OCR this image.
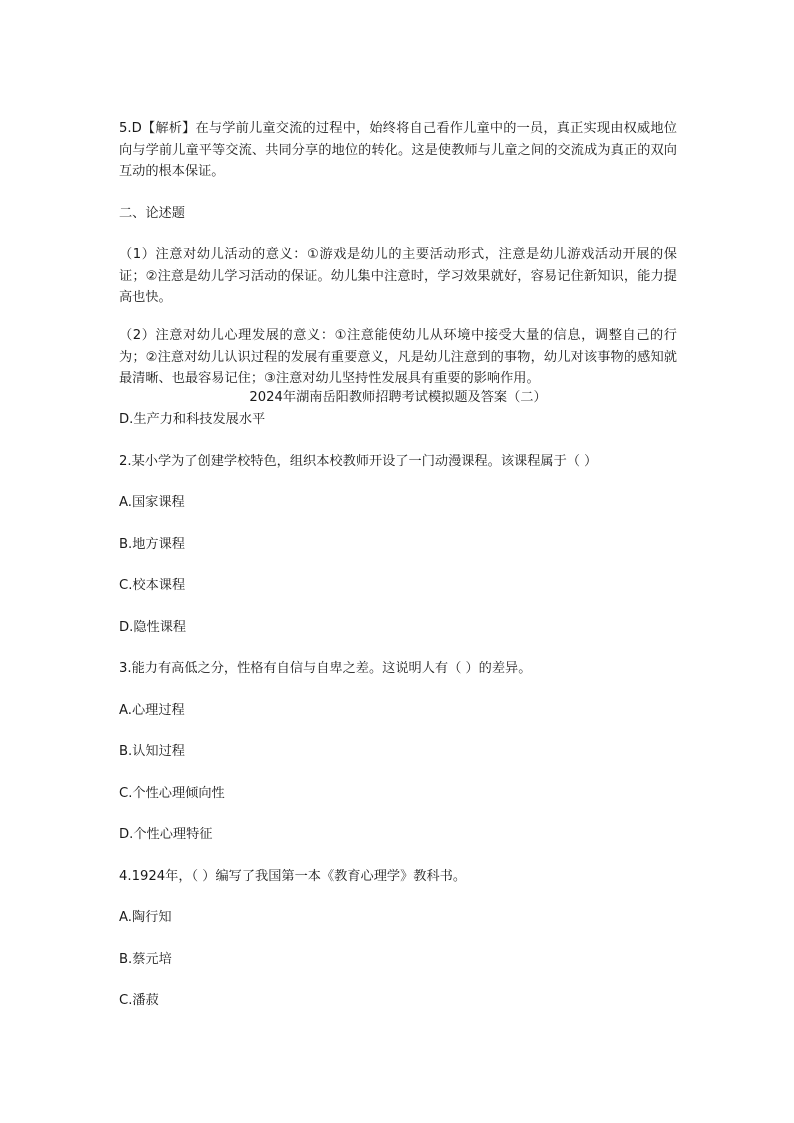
5.D【解析】在与学前儿童交流的过程中，始终将自己看作儿童中的一员，真正实现由权威地位向与学前儿童平等交流、共同分享的地位的转化。这是使教师与儿童之间的交流成为真正的双向互动的根本保证。
二、论述题
（1）注意对幼儿活动的意义：①游戏是幼儿的主要活动形式，注意是幼儿游戏活动开展的保证；②注意是幼儿学习活动的保证。幼儿集中注意时，学习效果就好，容易记住新知识，能力提高也快。
（2）注意对幼儿心理发展的意义：①注意能使幼儿从环境中接受大量的信息，调整自己的行为；②注意对幼儿认识过程的发展有重要意义，凡是幼儿注意到的事物，幼儿对该事物的感知就最清晰、也最容易记住；③注意对幼儿坚持性发展具有重要的影响作用。
2024年湖南岳阳教师招聘考试模拟题及答案（二）
D.生产力和科技发展水平
2.某小学为了创建学校特色，组织本校教师开设了一门动漫课程。该课程属于（ ）
A.国家课程
B.地方课程
C.校本课程
D.隐性课程
3.能力有高低之分，性格有自信与自卑之差。这说明人有（ ）的差异。
A.心理过程
B.认知过程
C.个性心理倾向性
D.个性心理特征
4.1924年，（ ）编写了我国第一本《教育心理学》教科书。
A.陶行知
B.蔡元培
C.潘菽
